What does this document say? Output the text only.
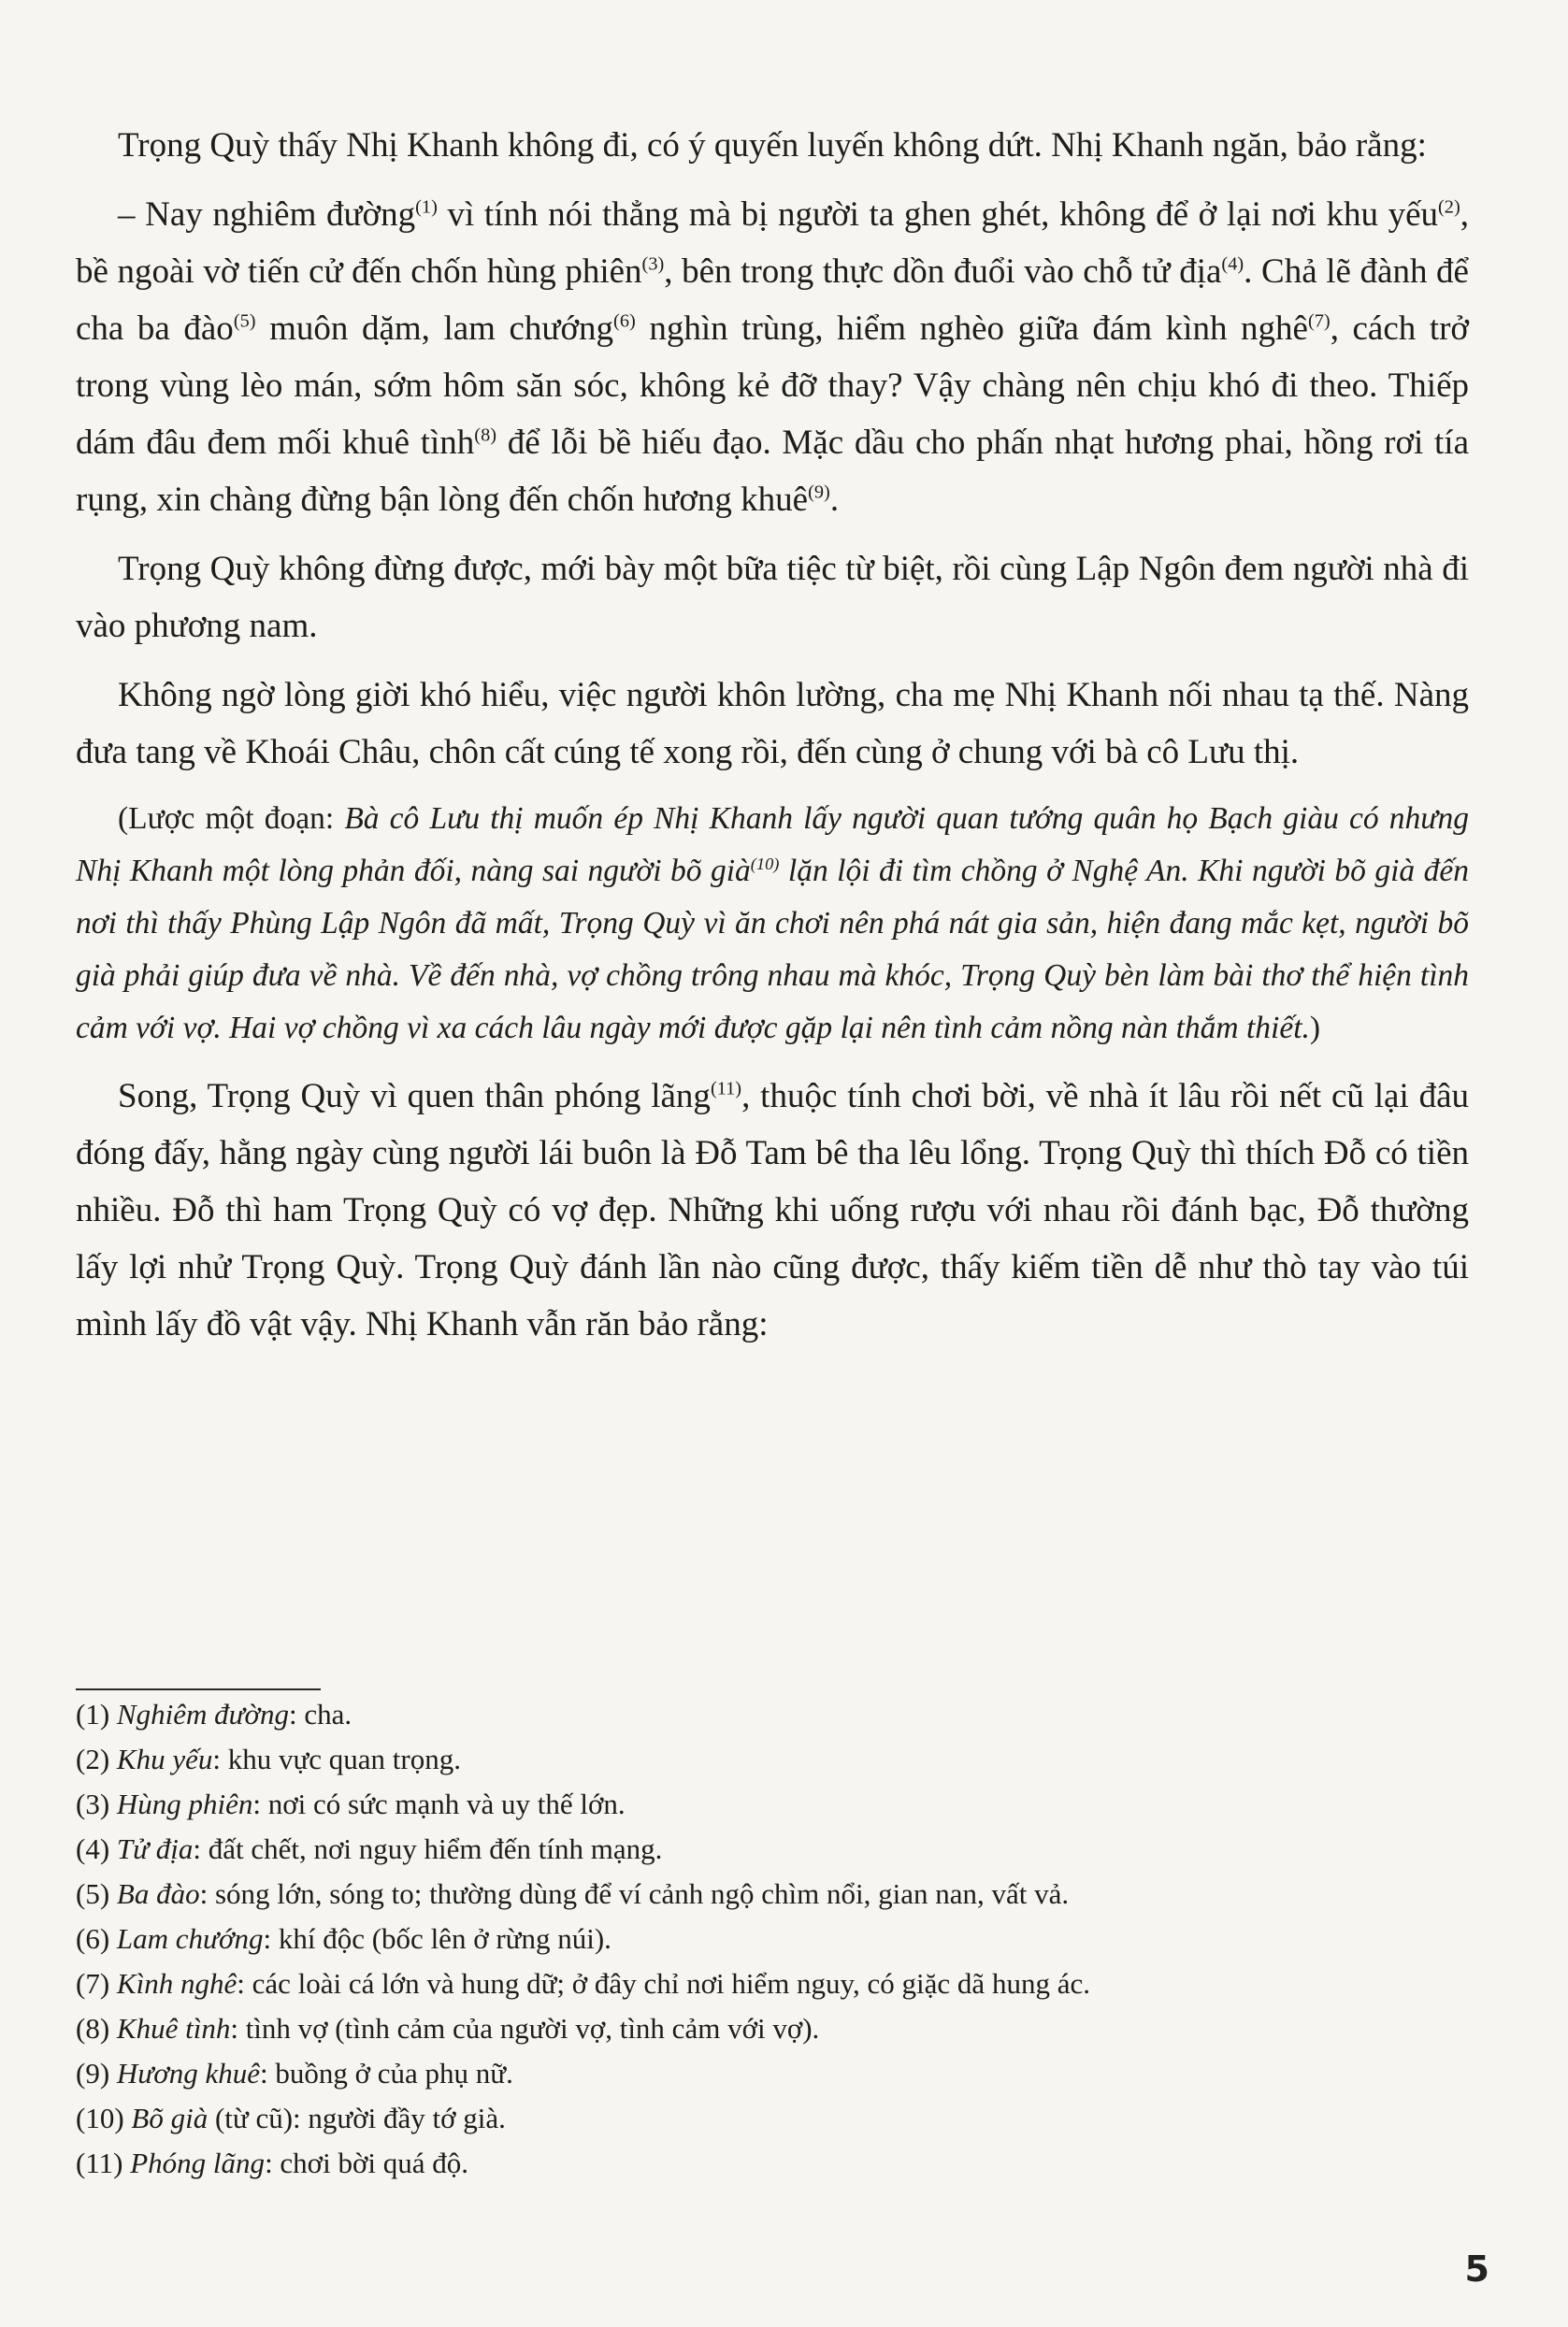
Trọng Quỳ thấy Nhị Khanh không đi, có ý quyến luyến không dứt. Nhị Khanh ngăn, bảo rằng:

– Nay nghiêm đường$^{(1)}$ vì tính nói thẳng mà bị người ta ghen ghét, không để ở lại nơi khu yếu$^{(2)}$, bề ngoài vờ tiến cử đến chốn hùng phiên$^{(3)}$, bên trong thực dồn đuổi vào chỗ tử địa$^{(4)}$. Chả lẽ đành để cha ba đào$^{(5)}$ muôn dặm, lam chướng$^{(6)}$ nghìn trùng, hiểm nghèo giữa đám kình nghê$^{(7)}$, cách trở trong vùng lèo mán, sớm hôm săn sóc, không kẻ đỡ thay? Vậy chàng nên chịu khó đi theo. Thiếp dám đâu đem mối khuê tình$^{(8)}$ để lỗi bề hiếu đạo. Mặc dầu cho phấn nhạt hương phai, hồng rơi tía rụng, xin chàng đừng bận lòng đến chốn hương khuê$^{(9)}$.

Trọng Quỳ không đừng được, mới bày một bữa tiệc từ biệt, rồi cùng Lập Ngôn đem người nhà đi vào phương nam.

Không ngờ lòng giời khó hiểu, việc người khôn lường, cha mẹ Nhị Khanh nối nhau tạ thế. Nàng đưa tang về Khoái Châu, chôn cất cúng tế xong rồi, đến cùng ở chung với bà cô Lưu thị.

(Lược một đoạn: Bà cô Lưu thị muốn ép Nhị Khanh lấy người quan tướng quân họ Bạch giàu có nhưng Nhị Khanh một lòng phản đối, nàng sai người bõ già$^{(10)}$ lặn lội đi tìm chồng ở Nghệ An. Khi người bõ già đến nơi thì thấy Phùng Lập Ngôn đã mất, Trọng Quỳ vì ăn chơi nên phá nát gia sản, hiện đang mắc kẹt, người bõ già phải giúp đưa về nhà. Về đến nhà, vợ chồng trông nhau mà khóc, Trọng Quỳ bèn làm bài thơ thể hiện tình cảm với vợ. Hai vợ chồng vì xa cách lâu ngày mới được gặp lại nên tình cảm nồng nàn thắm thiết.)

Song, Trọng Quỳ vì quen thân phóng lãng$^{(11)}$, thuộc tính chơi bời, về nhà ít lâu rồi nết cũ lại đâu đóng đấy, hằng ngày cùng người lái buôn là Đỗ Tam bê tha lêu lổng. Trọng Quỳ thì thích Đỗ có tiền nhiều. Đỗ thì ham Trọng Quỳ có vợ đẹp. Những khi uống rượu với nhau rồi đánh bạc, Đỗ thường lấy lợi nhử Trọng Quỳ. Trọng Quỳ đánh lần nào cũng được, thấy kiếm tiền dễ như thò tay vào túi mình lấy đồ vật vậy. Nhị Khanh vẫn răn bảo rằng:

(1) Nghiêm đường: cha.
(2) Khu yếu: khu vực quan trọng.
(3) Hùng phiên: nơi có sức mạnh và uy thế lớn.
(4) Tử địa: đất chết, nơi nguy hiểm đến tính mạng.
(5) Ba đào: sóng lớn, sóng to; thường dùng để ví cảnh ngộ chìm nổi, gian nan, vất vả.
(6) Lam chướng: khí độc (bốc lên ở rừng núi).
(7) Kình nghê: các loài cá lớn và hung dữ; ở đây chỉ nơi hiểm nguy, có giặc dã hung ác.
(8) Khuê tình: tình vợ (tình cảm của người vợ, tình cảm với vợ).
(9) Hương khuê: buồng ở của phụ nữ.
(10) Bõ già (từ cũ): người đầy tớ già.
(11) Phóng lãng: chơi bời quá độ.
5
